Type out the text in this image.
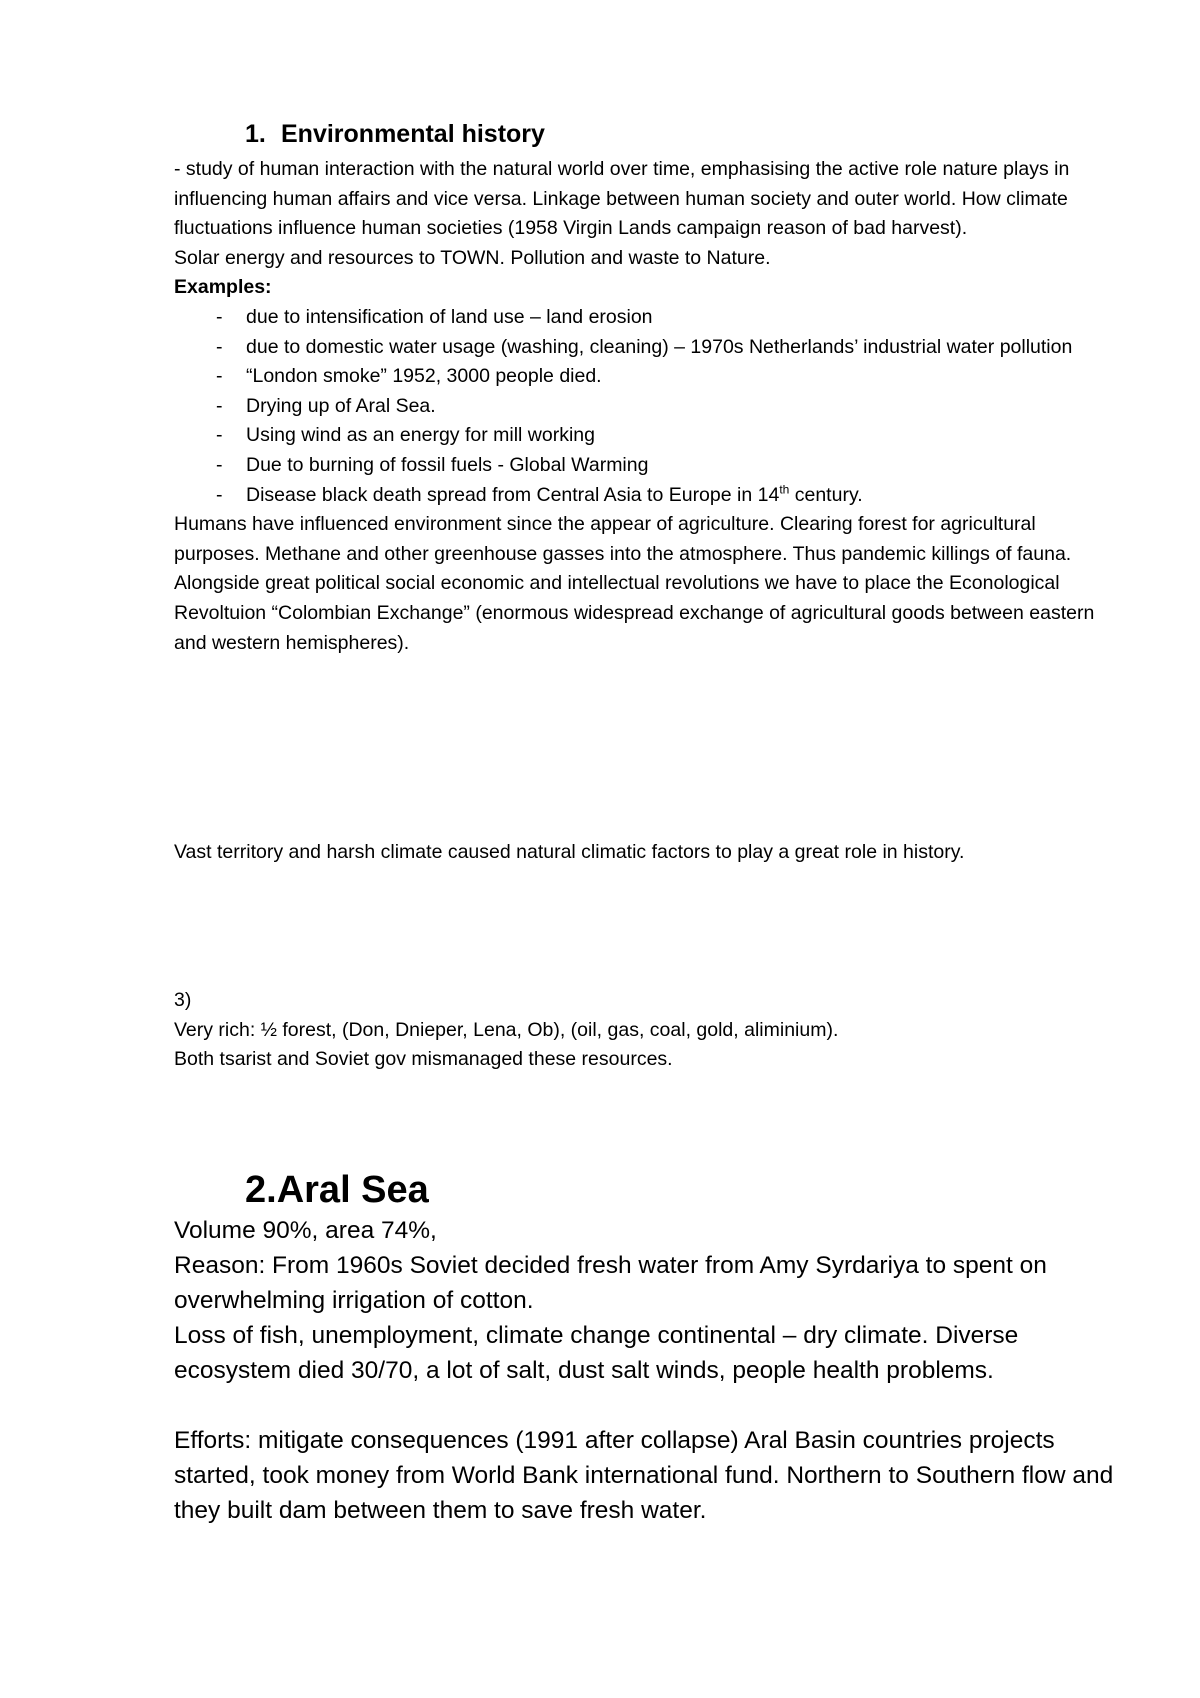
1. Environmental history

- study of human interaction with the natural world over time, emphasising the active role nature plays in influencing human affairs and vice versa. Linkage between human society and outer world. How climate fluctuations influence human societies (1958 Virgin Lands campaign reason of bad harvest).

Solar energy and resources to TOWN. Pollution and waste to Nature.

Examples:

- due to intensification of land use – land erosion
- due to domestic water usage (washing, cleaning) – 1970s Netherlands’ industrial water pollution
- “London smoke” 1952, 3000 people died.
- Drying up of Aral Sea.
- Using wind as an energy for mill working
- Due to burning of fossil fuels - Global Warming
- Disease black death spread from Central Asia to Europe in 14th century.

Humans have influenced environment since the appear of agriculture. Clearing forest for agricultural purposes. Methane and other greenhouse gasses into the atmosphere. Thus pandemic killings of fauna.

Alongside great political social economic and intellectual revolutions we have to place the Econological Revoltuion “Colombian Exchange” (enormous widespread exchange of agricultural goods between eastern and western hemispheres).

Vast territory and harsh climate caused natural climatic factors to play a great role in history.

3)

Very rich: ½ forest, (Don, Dnieper, Lena, Ob), (oil, gas, coal, gold, aliminium).

Both tsarist and Soviet gov mismanaged these resources.

2.Aral Sea

Volume 90%, area 74%,

Reason: From 1960s Soviet decided fresh water from Amy Syrdariya to spent on overwhelming irrigation of cotton.

Loss of fish, unemployment, climate change continental – dry climate. Diverse ecosystem died 30/70, a lot of salt, dust salt winds, people health problems.

Efforts: mitigate consequences (1991 after collapse) Aral Basin countries projects started, took money from World Bank international fund. Northern to Southern flow and they built dam between them to save fresh water.
